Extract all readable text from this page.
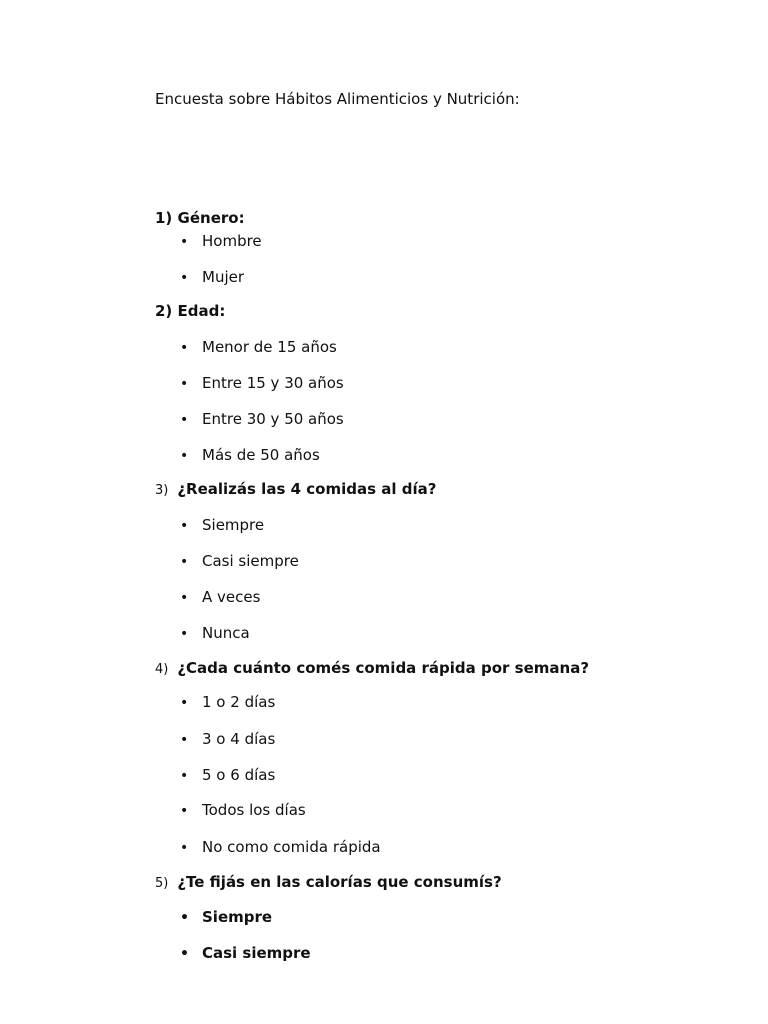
Encuesta sobre Hábitos Alimenticios y Nutrición:
1) Género:
• Hombre
• Mujer
2) Edad:
• Menor de 15 años
• Entre 15 y 30 años
• Entre 30 y 50 años
• Más de 50 años
3) ¿Realizás las 4 comidas al día?
• Siempre
• Casi siempre
• A veces
• Nunca
4) ¿Cada cuánto comés comida rápida por semana?
• 1 o 2 días
• 3 o 4 días
• 5 o 6 días
• Todos los días
• No como comida rápida
5) ¿Te fijás en las calorías que consumís?
• Siempre
• Casi siempre
